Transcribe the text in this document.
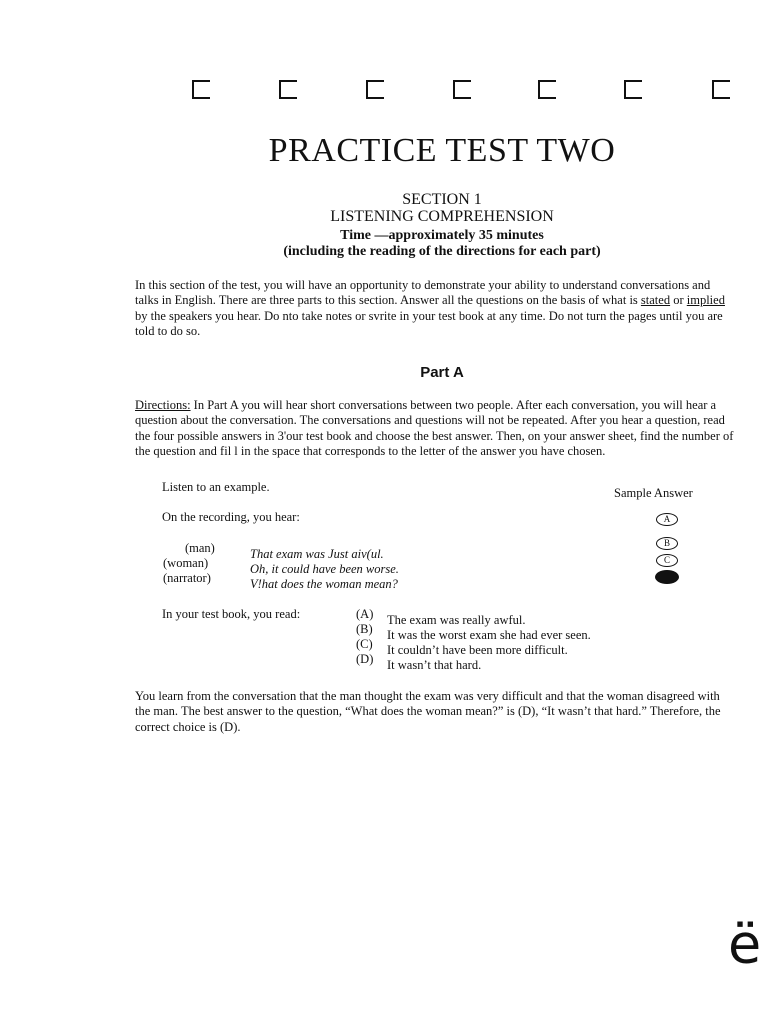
PRACTICE TEST TWO
SECTION 1
LISTENING COMPREHENSION
Time —approximately 35 minutes
(including the reading of the directions for each part)
In this section of the test, you will have an opportunity to demonstrate your ability to understand conversations and talks in English. There are three parts to this section. Answer all the questions on the basis of what is stated or implied by the speakers you hear. Do nto take notes or svrite in your test book at any time. Do not turn the pages until you are told to do so.
Part A
Directions: In Part A you will hear short conversations between two people. After each conversation, you will hear a question about the conversation. The conversations and questions will not be repeated. After you hear a question, read the four possible answers in 3'our test book and choose the best answer. Then, on your answer sheet, find the number of the question and fil l in the space that corresponds to the letter of the answer you have chosen.
Listen to an example.	Sample Answer
On the recording, you hear:
(man)
(woman)
(narrator)
That exam was Just aiv(ul.
Oh, it could have been worse.
V!hat does the woman mean?
A
B
C
In your test book, you read:	(A)
(B)
(C)
(D)
The exam was really awful.
It was the worst exam she had ever seen.
It couldn’t have been more difficult.
It wasn’t that hard.
You learn from the conversation that the man thought the exam was very difficult and that the woman disagreed with the man. The best answer to the question, “What does the woman mean?” is (D), “It wasn’t that hard.” Therefore, the correct choice is (D).
ë
